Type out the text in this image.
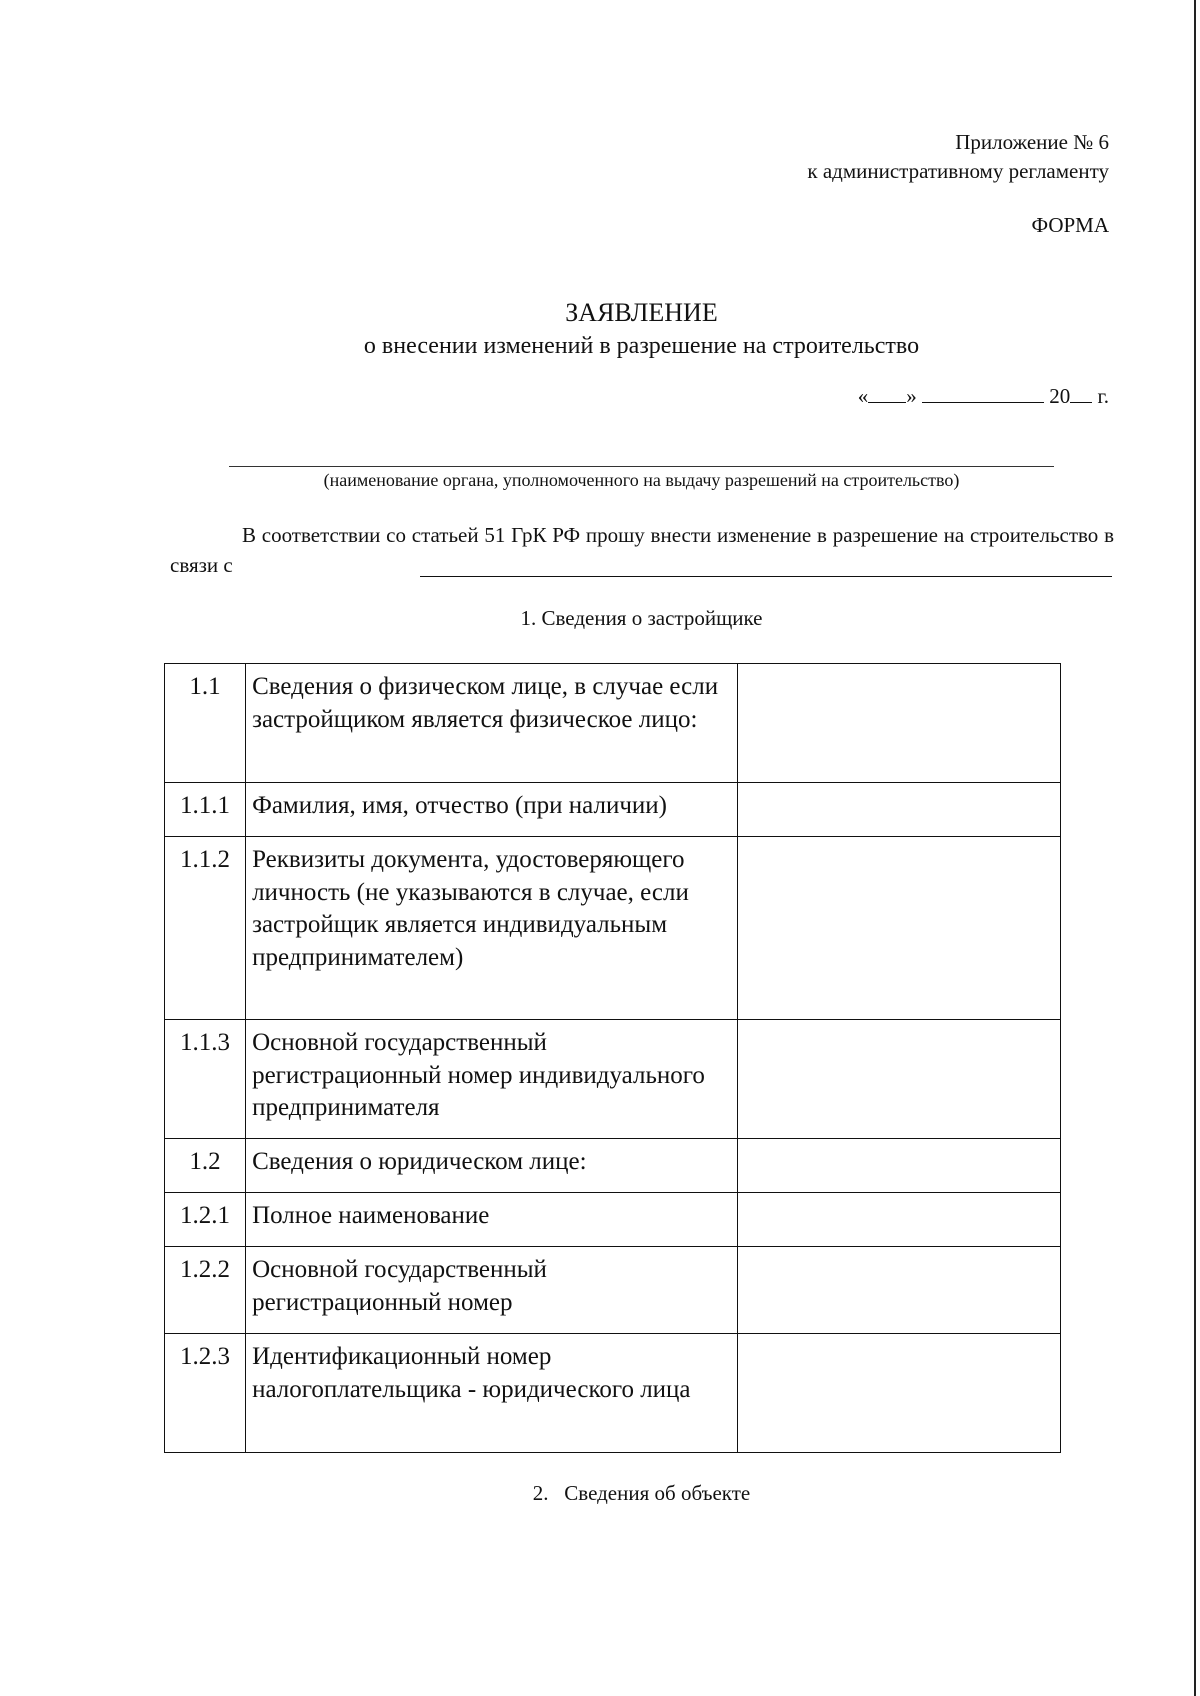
Приложение № 6
к административному регламенту
ФОРМА
ЗАЯВЛЕНИЕ
о внесении изменений в разрешение на строительство
« »	20 г.
(наименование органа, уполномоченного на выдачу разрешений на строительство)
В соответствии со статьей 51 ГрК РФ прошу внести изменение в разрешение на строительство в связи с
1. Сведения о застройщике
1.1	Сведения о физическом лице, в случае если застройщиком является физическое лицо:	
1.1.1	Фамилия, имя, отчество (при наличии)	
1.1.2	Реквизиты документа, удостоверяющего личность (не указываются в случае, если застройщик является индивидуальным предпринимателем)	
1.1.3	Основной государственный регистрационный номер индивидуального предпринимателя	
1.2	Сведения о юридическом лице:	
1.2.1	Полное наименование	
1.2.2	Основной государственный регистрационный номер	
1.2.3	Идентификационный номер налогоплательщика - юридического лица	
2.   Сведения об объекте
